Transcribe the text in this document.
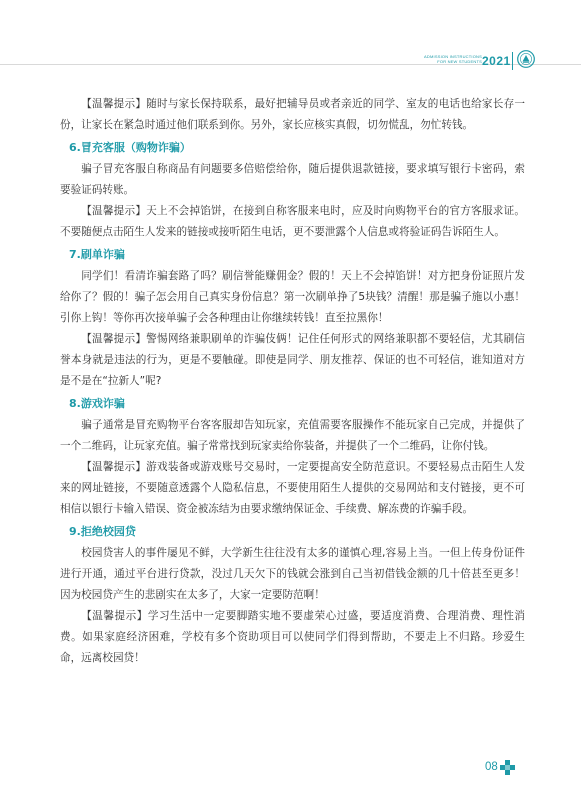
ADMISSION INSTRUCTIONS
FOR NEW STUDENTS 2021

【温馨提示】随时与家长保持联系，最好把辅导员或者亲近的同学、室友的电话也给家长存一份，让家长在紧急时通过他们联系到你。另外，家长应核实真假，切勿慌乱，勿忙转钱。

6.冒充客服（购物诈骗）

骗子冒充客服自称商品有问题要多倍赔偿给你，随后提供退款链接，要求填写银行卡密码，索要验证码转账。

【温馨提示】天上不会掉馅饼，在接到自称客服来电时，应及时向购物平台的官方客服求证。不要随便点击陌生人发来的链接或接听陌生电话，更不要泄露个人信息或将验证码告诉陌生人。

7.刷单诈骗

同学们！看清诈骗套路了吗？刷信誉能赚佣金？假的！天上不会掉馅饼！对方把身份证照片发给你了？假的！骗子怎会用自己真实身份信息？第一次刷单挣了5块钱？清醒！那是骗子施以小惠！引你上钩！等你再次接单骗子会各种理由让你继续转钱！直至拉黑你！

【温馨提示】警惕网络兼职刷单的诈骗伎俩！记住任何形式的网络兼职都不要轻信，尤其刷信誉本身就是违法的行为，更是不要触碰。即使是同学、朋友推荐、保证的也不可轻信，谁知道对方是不是在“拉新人”呢?

8.游戏诈骗

骗子通常是冒充购物平台客客服却告知玩家，充值需要客服操作不能玩家自己完成，并提供了一个二维码，让玩家充值。骗子常常找到玩家卖给你装备，并提供了一个二维码，让你付钱。

【温馨提示】游戏装备或游戏账号交易时，一定要提高安全防范意识。不要轻易点击陌生人发来的网址链接，不要随意透露个人隐私信息，不要使用陌生人提供的交易网站和支付链接，更不可相信以银行卡输入错误、资金被冻结为由要求缴纳保证金、手续费、解冻费的诈骗手段。

9.拒绝校园贷

校园贷害人的事件屡见不鲜，大学新生往往没有太多的谨慎心理,容易上当。一但上传身份证件进行开通，通过平台进行贷款，没过几天欠下的钱就会涨到自己当初借钱金额的几十倍甚至更多！因为校园贷产生的悲剧实在太多了，大家一定要防范啊！

【温馨提示】学习生活中一定要脚踏实地不要虚荣心过盛，要适度消费、合理消费、理性消费。如果家庭经济困难，学校有多个资助项目可以使同学们得到帮助，不要走上不归路。珍爱生命，远离校园贷！

08
